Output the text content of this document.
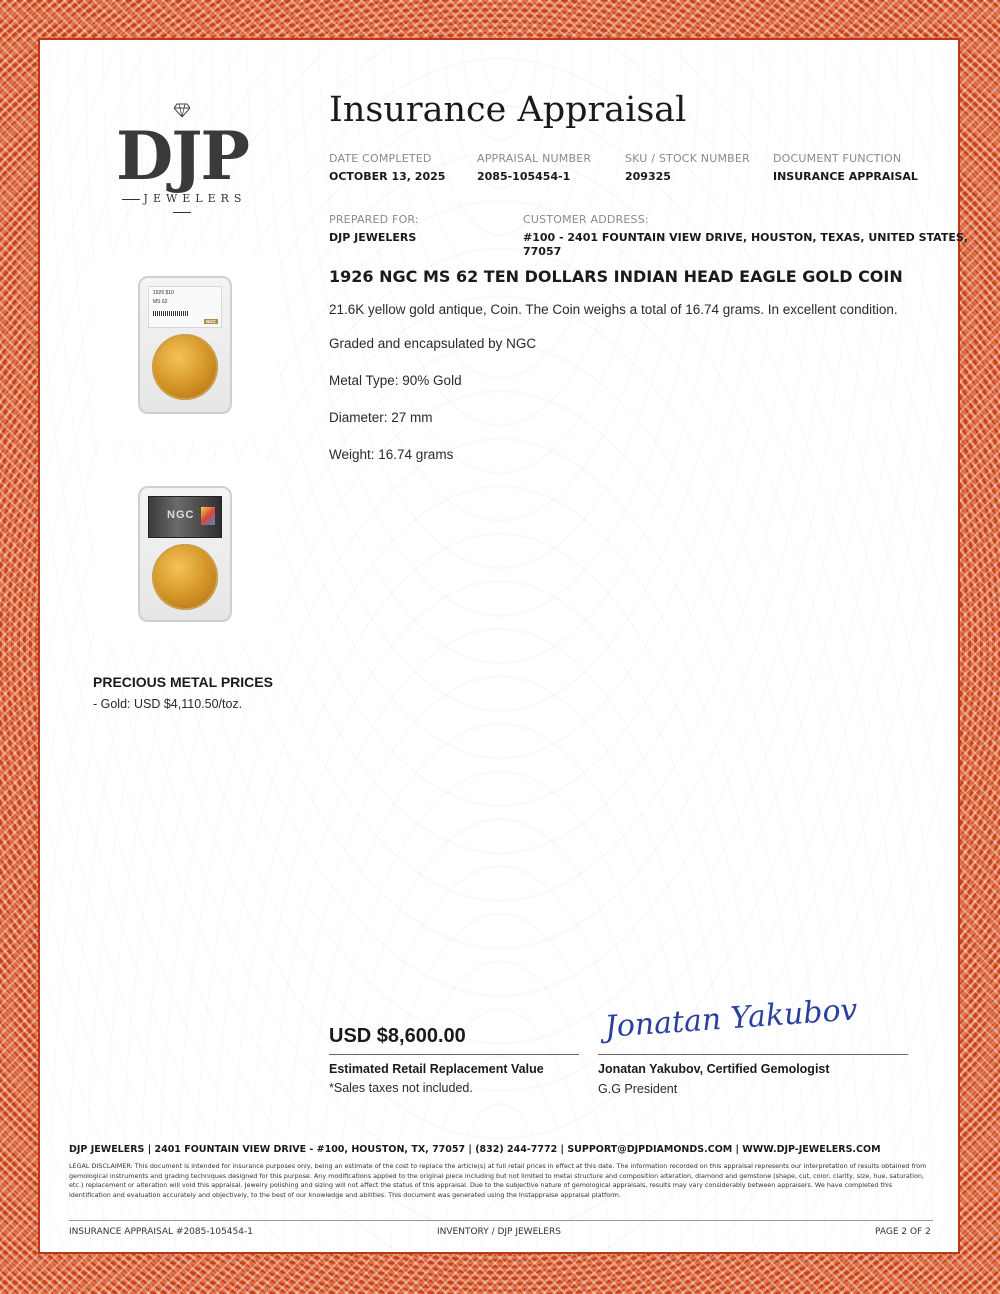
DJP
JEWELERS
Insurance Appraisal
DATE COMPLETED
OCTOBER 13, 2025
APPRAISAL NUMBER
2085-105454-1
SKU / STOCK NUMBER
209325
DOCUMENT FUNCTION
INSURANCE APPRAISAL
PREPARED FOR:
DJP JEWELERS
CUSTOMER ADDRESS:
#100 - 2401 FOUNTAIN VIEW DRIVE, HOUSTON, TEXAS, UNITED STATES,
77057
1926 NGC MS 62 TEN DOLLARS INDIAN HEAD EAGLE GOLD COIN
21.6K yellow gold antique, Coin. The Coin weighs a total of 16.74 grams. In excellent condition.
Graded and encapsulated by NGC
Metal Type: 90% Gold
Diameter: 27 mm
Weight: 16.74 grams
1926 $10
MS 62
NGC
NGC
PRECIOUS METAL PRICES
- Gold: USD $4,110.50/toz.
USD $8,600.00
Estimated Retail Replacement Value
*Sales taxes not included.
Jonatan Yakubov
Jonatan Yakubov, Certified Gemologist
G.G President
DJP JEWELERS | 2401 FOUNTAIN VIEW DRIVE - #100, HOUSTON, TX, 77057 | (832) 244-7772 | SUPPORT@DJPDIAMONDS.COM | WWW.DJP-JEWELERS.COM
LEGAL DISCLAIMER: This document is intended for insurance purposes only, being an estimate of the cost to replace the article(s) at full retail prices in effect at this date. The information recorded on this appraisal represents our interpretation of results obtained from gemological instruments and grading techniques designed for this purpose. Any modifications applied to the original piece including but not limited to metal structure and composition alteration, diamond and gemstone (shape, cut, color, clarity, size, hue, saturation, etc.) replacement or alteration will void this appraisal. Jewelry polishing and sizing will not affect the status of this appraisal. Due to the subjective nature of gemological appraisals, results may vary considerably between appraisers. We have completed this identification and evaluation accurately and objectively, to the best of our knowledge and abilities. This document was generated using the Instappraise appraisal platform.
INSURANCE APPRAISAL #2085-105454-1	INVENTORY / DJP JEWELERS	PAGE 2 OF 2
